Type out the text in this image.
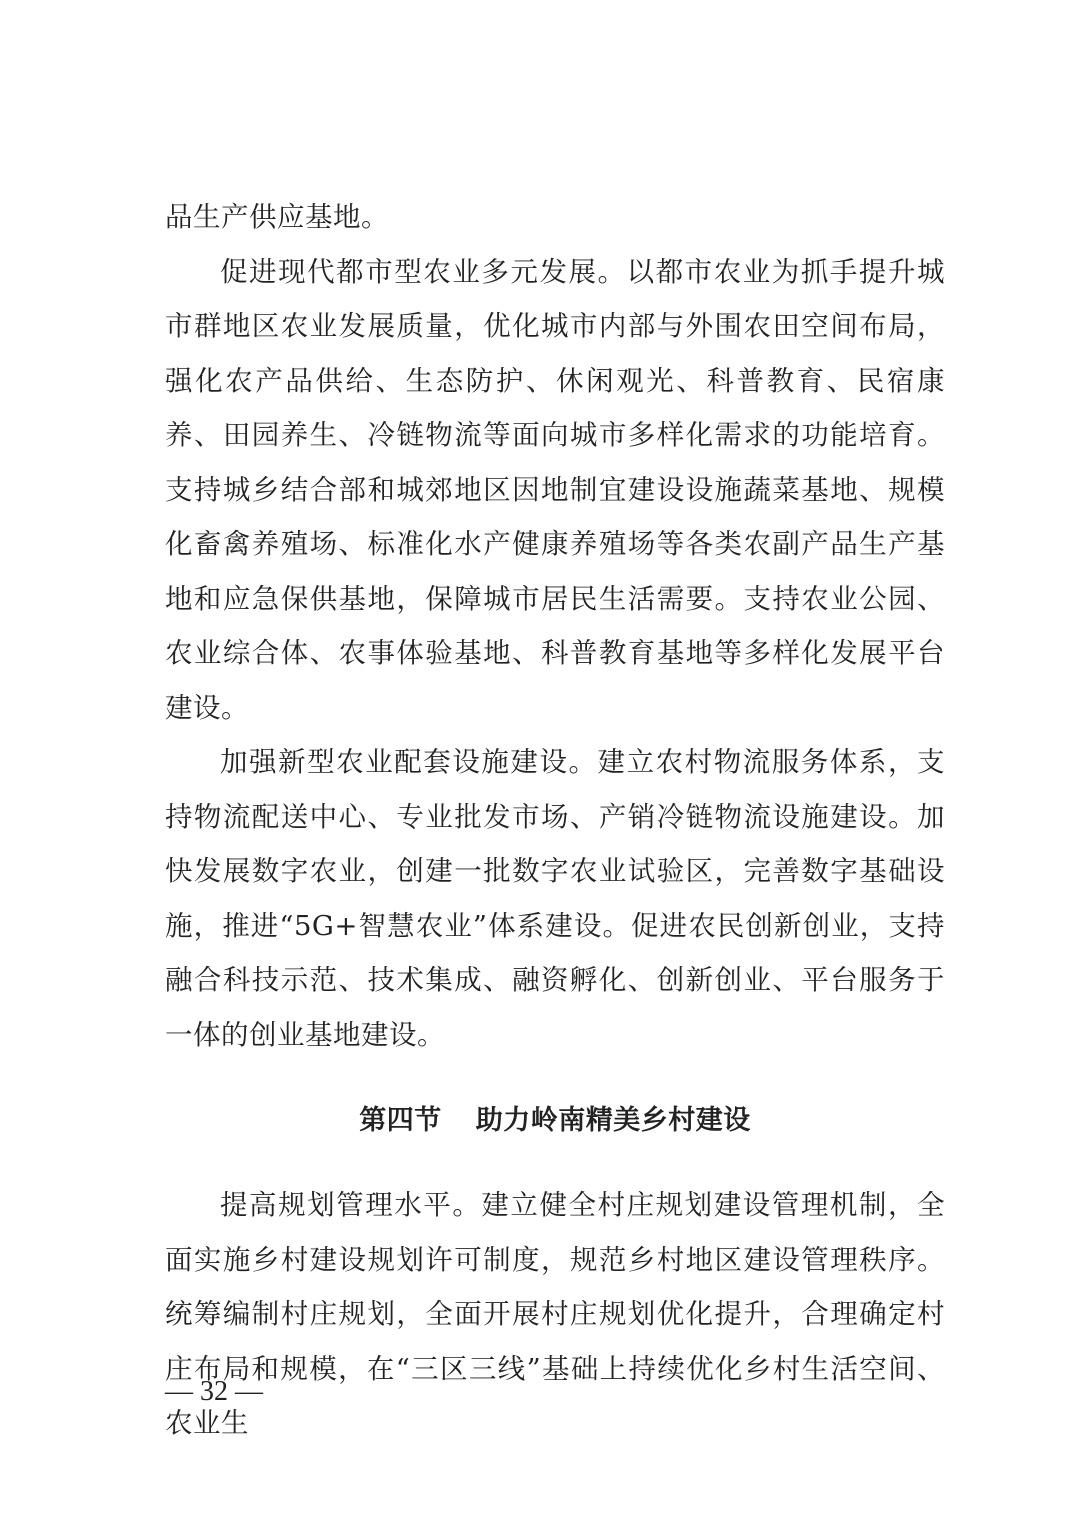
品生产供应基地。

促进现代都市型农业多元发展。以都市农业为抓手提升城市群地区农业发展质量，优化城市内部与外围农田空间布局，强化农产品供给、生态防护、休闲观光、科普教育、民宿康养、田园养生、冷链物流等面向城市多样化需求的功能培育。支持城乡结合部和城郊地区因地制宜建设设施蔬菜基地、规模化畜禽养殖场、标准化水产健康养殖场等各类农副产品生产基地和应急保供基地，保障城市居民生活需要。支持农业公园、农业综合体、农事体验基地、科普教育基地等多样化发展平台建设。

加强新型农业配套设施建设。建立农村物流服务体系，支持物流配送中心、专业批发市场、产销冷链物流设施建设。加快发展数字农业，创建一批数字农业试验区，完善数字基础设施，推进“5G+智慧农业”体系建设。促进农民创新创业，支持融合科技示范、技术集成、融资孵化、创新创业、平台服务于一体的创业基地建设。

第四节 助力岭南精美乡村建设

提高规划管理水平。建立健全村庄规划建设管理机制，全面实施乡村建设规划许可制度，规范乡村地区建设管理秩序。统筹编制村庄规划，全面开展村庄规划优化提升，合理确定村庄布局和规模，在“三区三线”基础上持续优化乡村生活空间、农业生

— 32 —
